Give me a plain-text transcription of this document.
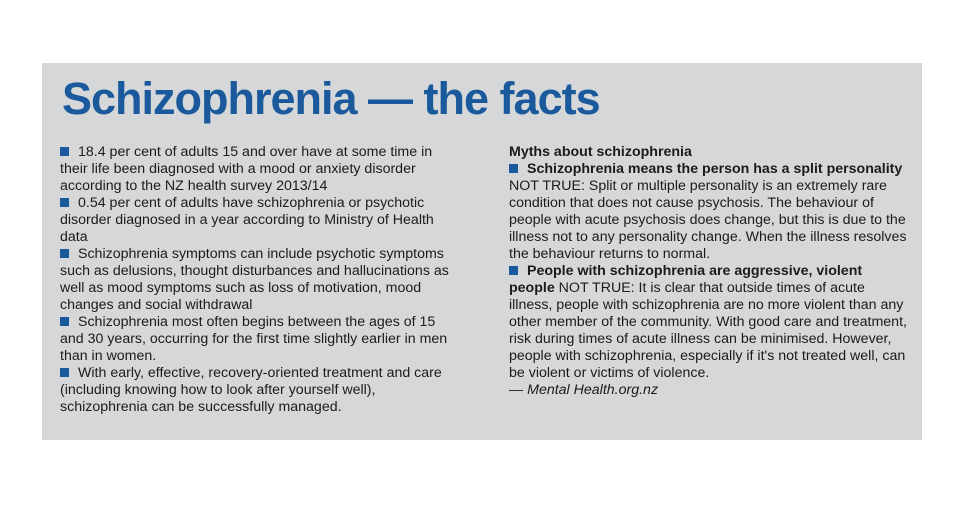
Schizophrenia — the facts

18.4 per cent of adults 15 and over have at some time in their life been diagnosed with a mood or anxiety disorder according to the NZ health survey 2013/14

0.54 per cent of adults have schizophrenia or psychotic disorder diagnosed in a year according to Ministry of Health data

Schizophrenia symptoms can include psychotic symptoms such as delusions, thought disturbances and hallucinations as well as mood symptoms such as loss of motivation, mood changes and social withdrawal

Schizophrenia most often begins between the ages of 15 and 30 years, occurring for the first time slightly earlier in men than in women.

With early, effective, recovery-oriented treatment and care (including knowing how to look after yourself well), schizophrenia can be successfully managed.

Myths about schizophrenia

Schizophrenia means the person has a split personality NOT TRUE: Split or multiple personality is an extremely rare condition that does not cause psychosis. The behaviour of people with acute psychosis does change, but this is due to the illness not to any personality change. When the illness resolves the behaviour returns to normal.

People with schizophrenia are aggressive, violent people NOT TRUE: It is clear that outside times of acute illness, people with schizophrenia are no more violent than any other member of the community. With good care and treatment, risk during times of acute illness can be minimised. However, people with schizophrenia, especially if it's not treated well, can be violent or victims of violence.

— Mental Health.org.nz
